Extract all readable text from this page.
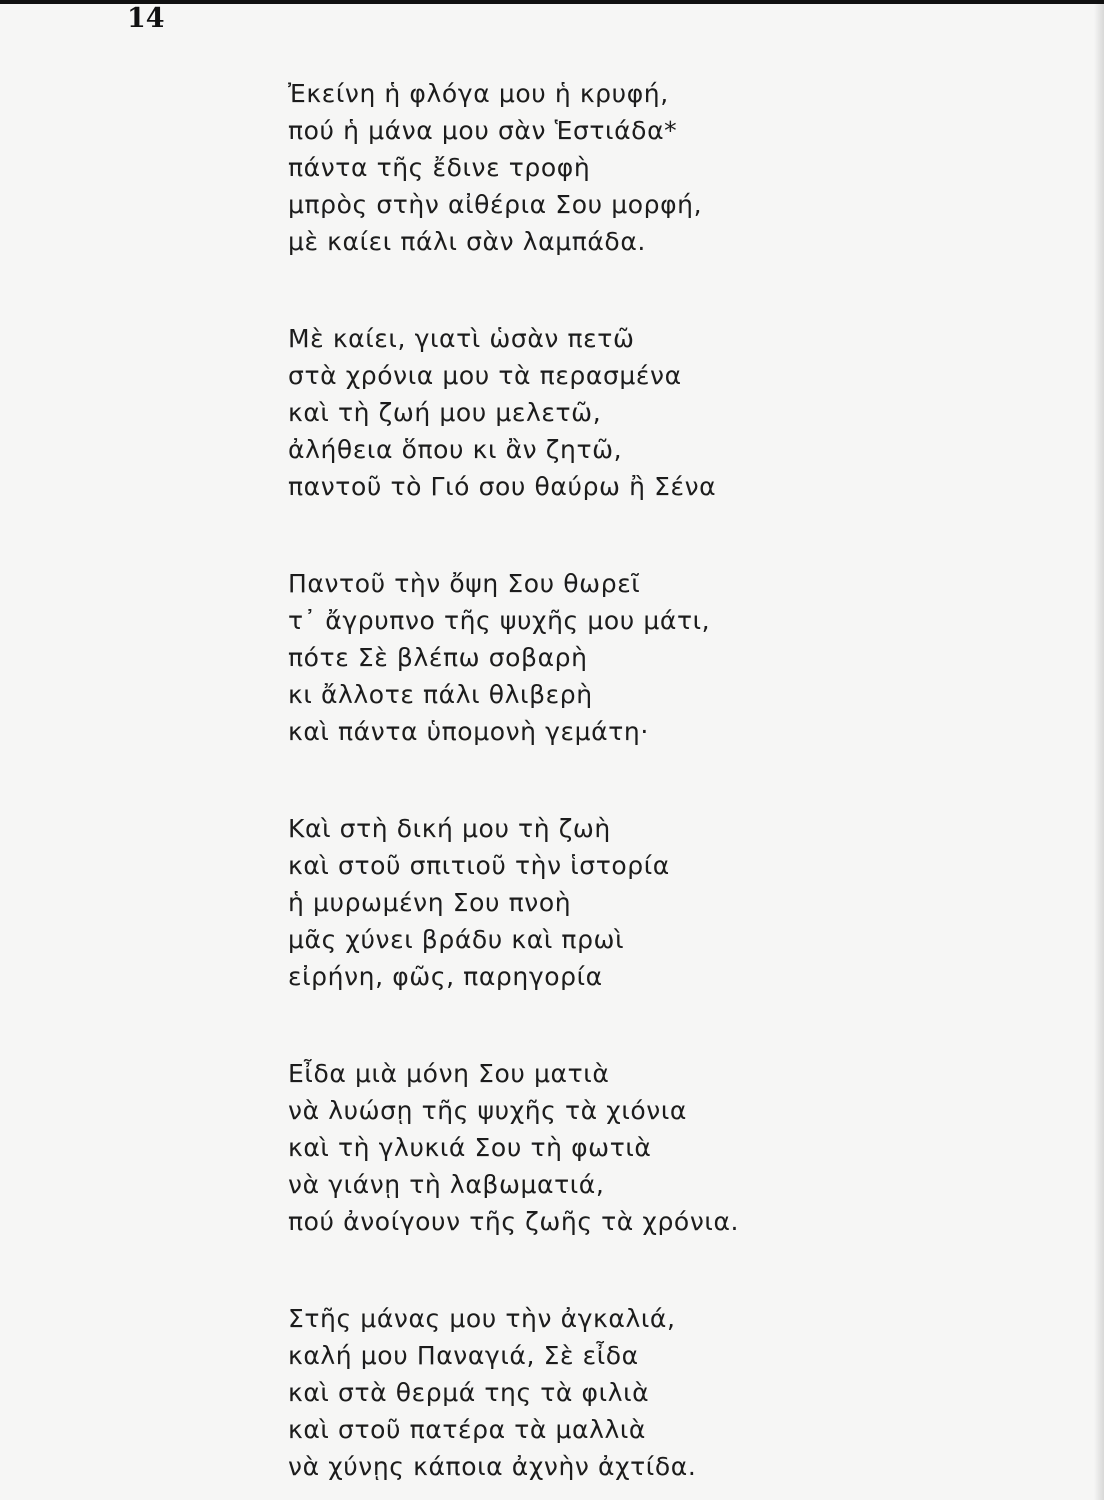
14
Ἐκείνη ἡ φλόγα μου ἡ κρυφή,
πού ἡ μάνα μου σὰν Ἑστιάδα*
πάντα τῆς ἔδινε τροφὴ
μπρὸς στὴν αἰθέρια Σου μορφή,
μὲ καίει πάλι σὰν λαμπάδα.
Μὲ καίει, γιατὶ ὡσὰν πετῶ
στὰ χρόνια μου τὰ περασμένα
καὶ τὴ ζωή μου μελετῶ,
ἀλήθεια ὅπου κι ἂν ζητῶ,
παντοῦ τὸ Γιό σου θαύρω ἢ Σένα
Παντοῦ τὴν ὄψη Σου θωρεῖ
τ᾽ ἄγρυπνο τῆς ψυχῆς μου μάτι,
πότε Σὲ βλέπω σοβαρὴ
κι ἄλλοτε πάλι θλιβερὴ
καὶ πάντα ὑπομονὴ γεμάτη·
Καὶ στὴ δική μου τὴ ζωὴ
καὶ στοῦ σπιτιοῦ τὴν ἱστορία
ἡ μυρωμένη Σου πνοὴ
μᾶς χύνει βράδυ καὶ πρωὶ
εἰρήνη, φῶς, παρηγορία
Εἶδα μιὰ μόνη Σου ματιὰ
νὰ λυώσῃ τῆς ψυχῆς τὰ χιόνια
καὶ τὴ γλυκιά Σου τὴ φωτιὰ
νὰ γιάνῃ τὴ λαβωματιά,
πού ἀνοίγουν τῆς ζωῆς τὰ χρόνια.
Στῆς μάνας μου τὴν ἀγκαλιά,
καλή μου Παναγιά, Σὲ εἶδα
καὶ στὰ θερμά της τὰ φιλιὰ
καὶ στοῦ πατέρα τὰ μαλλιὰ
νὰ χύνῃς κάποια ἀχνὴν ἀχτίδα.
